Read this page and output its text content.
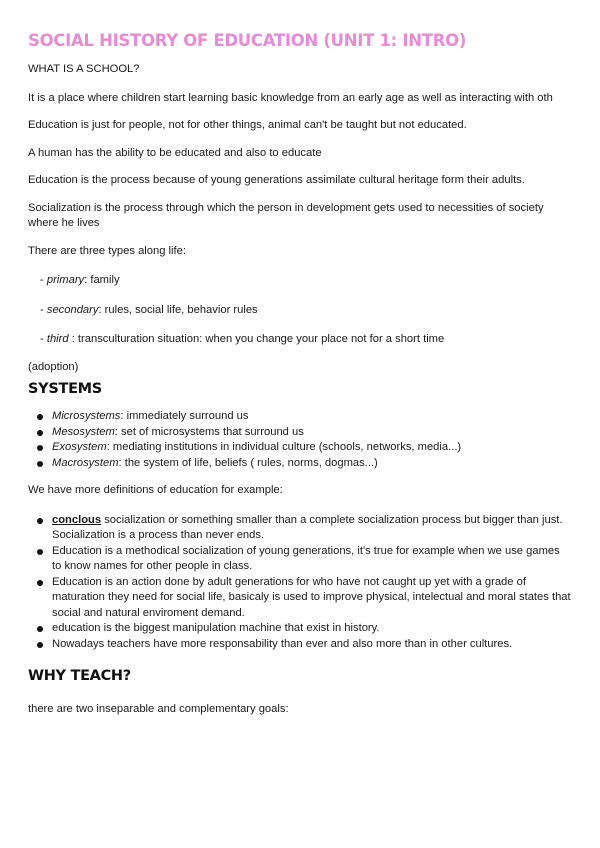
SOCIAL HISTORY OF EDUCATION (UNIT 1: INTRO)

WHAT IS A SCHOOL?

It is a place where children start learning basic knowledge from an early age as well as interacting with oth

Education is just for people, not for other things, animal can't be taught but not educated.

A human has the ability to be educated and also to educate

Education is the process because of young generations assimilate cultural heritage form their adults.

Socialization is the process through which the person in development gets used to necessities of society where he lives

There are three types along life:

- primary: family

- secondary: rules, social life, behavior rules

- third : transculturation situation: when you change your place not for a short time

(adoption)

SYSTEMS
Microsystems: immediately surround us
Mesosystem: set of microsystems that surround us
Exosystem: mediating institutions in individual culture (schools, networks, media...)
Macrosystem: the system of life, beliefs ( rules, norms, dogmas...)

We have more definitions of education for example:

conclous socialization or something smaller than a complete socialization process but bigger than just. Socialization is a process than never ends.
Education is a methodical socialization of young generations, it's true for example when we use games to know names for other people in class.
Education is an action done by adult generations for who have not caught up yet with a grade of maturation they need for social life, basicaly is used to improve physical, intelectual and moral states that social and natural enviroment demand.
education is the biggest manipulation machine that exist in history.
Nowadays teachers have more responsability than ever and also more than in other cultures.
WHY TEACH?

there are two inseparable and complementary goals:
